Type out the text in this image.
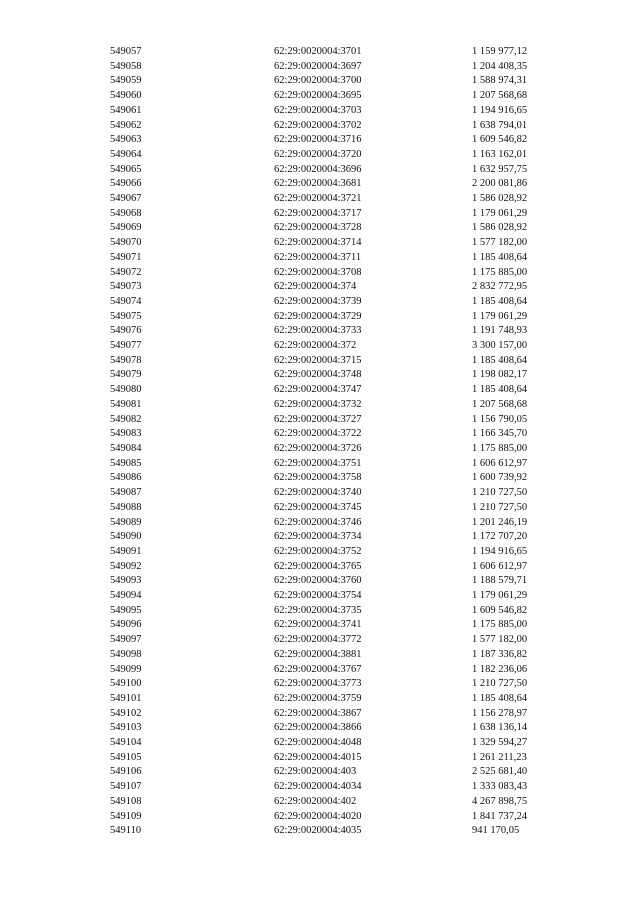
549057	62:29:0020004:3701	1 159 977,12
549058	62:29:0020004:3697	1 204 408,35
549059	62:29:0020004:3700	1 588 974,31
549060	62:29:0020004:3695	1 207 568,68
549061	62:29:0020004:3703	1 194 916,65
549062	62:29:0020004:3702	1 638 794,01
549063	62:29:0020004:3716	1 609 546,82
549064	62:29:0020004:3720	1 163 162,01
549065	62:29:0020004:3696	1 632 957,75
549066	62:29:0020004:3681	2 200 081,86
549067	62:29:0020004:3721	1 586 028,92
549068	62:29:0020004:3717	1 179 061,29
549069	62:29:0020004:3728	1 586 028,92
549070	62:29:0020004:3714	1 577 182,00
549071	62:29:0020004:3711	1 185 408,64
549072	62:29:0020004:3708	1 175 885,00
549073	62:29:0020004:374	2 832 772,95
549074	62:29:0020004:3739	1 185 408,64
549075	62:29:0020004:3729	1 179 061,29
549076	62:29:0020004:3733	1 191 748,93
549077	62:29:0020004:372	3 300 157,00
549078	62:29:0020004:3715	1 185 408,64
549079	62:29:0020004:3748	1 198 082,17
549080	62:29:0020004:3747	1 185 408,64
549081	62:29:0020004:3732	1 207 568,68
549082	62:29:0020004:3727	1 156 790,05
549083	62:29:0020004:3722	1 166 345,70
549084	62:29:0020004:3726	1 175 885,00
549085	62:29:0020004:3751	1 606 612,97
549086	62:29:0020004:3758	1 600 739,92
549087	62:29:0020004:3740	1 210 727,50
549088	62:29:0020004:3745	1 210 727,50
549089	62:29:0020004:3746	1 201 246,19
549090	62:29:0020004:3734	1 172 707,20
549091	62:29:0020004:3752	1 194 916,65
549092	62:29:0020004:3765	1 606 612,97
549093	62:29:0020004:3760	1 188 579,71
549094	62:29:0020004:3754	1 179 061,29
549095	62:29:0020004:3735	1 609 546,82
549096	62:29:0020004:3741	1 175 885,00
549097	62:29:0020004:3772	1 577 182,00
549098	62:29:0020004:3881	1 187 336,82
549099	62:29:0020004:3767	1 182 236,06
549100	62:29:0020004:3773	1 210 727,50
549101	62:29:0020004:3759	1 185 408,64
549102	62:29:0020004:3867	1 156 278,97
549103	62:29:0020004:3866	1 638 136,14
549104	62:29:0020004:4048	1 329 594,27
549105	62:29:0020004:4015	1 261 211,23
549106	62:29:0020004:403	2 525 681,40
549107	62:29:0020004:4034	1 333 083,43
549108	62:29:0020004:402	4 267 898,75
549109	62:29:0020004:4020	1 841 737,24
549110	62:29:0020004:4035	941 170,05
